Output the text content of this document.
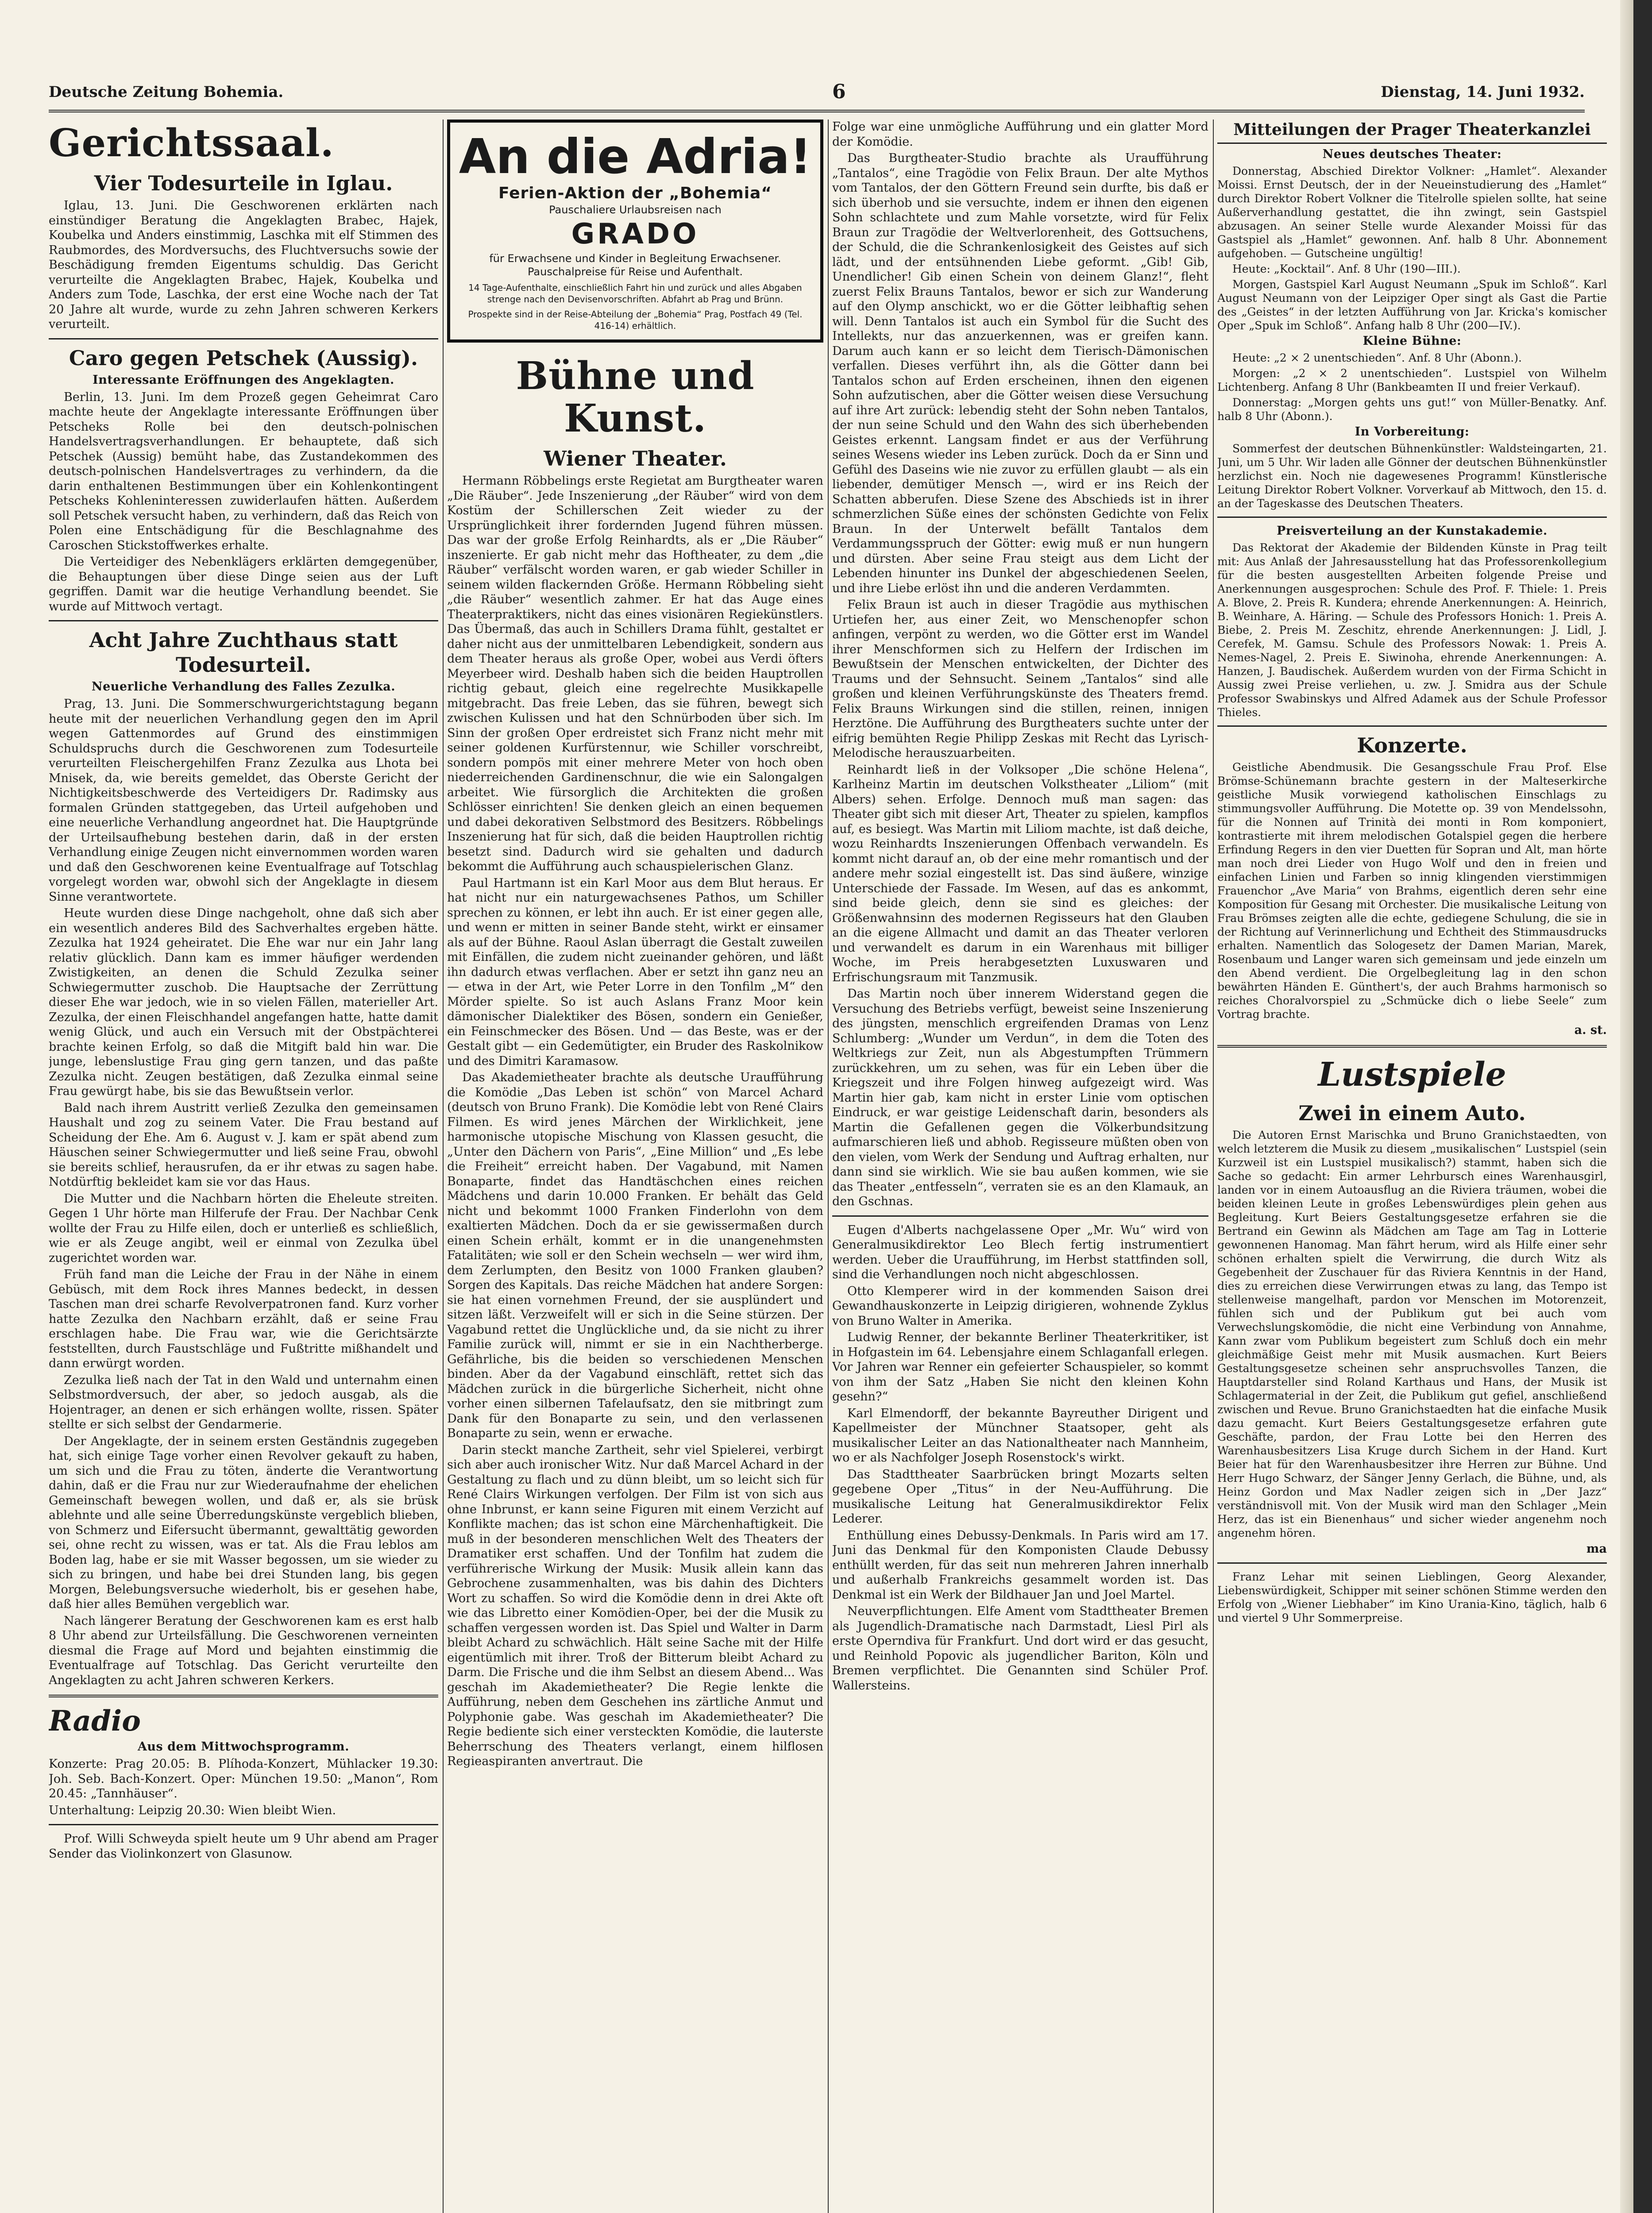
Deutsche Zeitung Bohemia.	6	Dienstag, 14. Juni 1932.
Gerichtssaal.
Vier Todesurteile in Iglau.

Iglau, 13. Juni. Die Geschworenen erklärten nach einstündiger Beratung die Angeklagten Brabec, Hajek, Koubelka und Anders einstimmig, Laschka mit elf Stimmen des Raubmordes, des Mordversuchs, des Fluchtversuchs sowie der Beschädigung fremden Eigentums schuldig. Das Gericht verurteilte die Angeklagten Brabec, Hajek, Koubelka und Anders zum Tode, Laschka, der erst eine Woche nach der Tat 20 Jahre alt wurde, wurde zu zehn Jahren schweren Kerkers verurteilt.

Caro gegen Petschek (Aussig).
Interessante Eröffnungen des Angeklagten.

Berlin, 13. Juni. Im dem Prozeß gegen Geheimrat Caro machte heute der Angeklagte interessante Eröffnungen über Petscheks Rolle bei den deutsch-polnischen Handelsvertragsverhandlungen. Er behauptete, daß sich Petschek (Aussig) bemüht habe, das Zustandekommen des deutsch-polnischen Handelsvertrages zu verhindern, da die darin enthaltenen Bestimmungen über ein Kohlenkontingent Petscheks Kohleninteressen zuwiderlaufen hätten. Außerdem soll Petschek versucht haben, zu verhindern, daß das Reich von Polen eine Entschädigung für die Beschlagnahme des Caroschen Stickstoffwerkes erhalte.

Die Verteidiger des Nebenklägers erklärten demgegenüber, die Behauptungen über diese Dinge seien aus der Luft gegriffen. Damit war die heutige Verhandlung beendet. Sie wurde auf Mittwoch vertagt.

Acht Jahre Zuchthaus statt Todesurteil.
Neuerliche Verhandlung des Falles Zezulka.

Prag, 13. Juni. Die Sommerschwurgerichtstagung begann heute mit der neuerlichen Verhandlung gegen den im April wegen Gattenmordes auf Grund des einstimmigen Schuldspruchs durch die Geschworenen zum Todesurteile verurteilten Fleischergehilfen Franz Zezulka aus Lhota bei Mnisek, da, wie bereits gemeldet, das Oberste Gericht der Nichtigkeitsbeschwerde des Verteidigers Dr. Radimsky aus formalen Gründen stattgegeben, das Urteil aufgehoben und eine neuerliche Verhandlung angeordnet hat. Die Hauptgründe der Urteilsaufhebung bestehen darin, daß in der ersten Verhandlung einige Zeugen nicht einvernommen worden waren und daß den Geschworenen keine Eventualfrage auf Totschlag vorgelegt worden war, obwohl sich der Angeklagte in diesem Sinne verantwortete.

Heute wurden diese Dinge nachgeholt, ohne daß sich aber ein wesentlich anderes Bild des Sachverhaltes ergeben hätte. Zezulka hat 1924 geheiratet. Die Ehe war nur ein Jahr lang relativ glücklich. Dann kam es immer häufiger werdenden Zwistigkeiten, an denen die Schuld Zezulka seiner Schwiegermutter zuschob. Die Hauptsache der Zerrüttung dieser Ehe war jedoch, wie in so vielen Fällen, materieller Art. Zezulka, der einen Fleischhandel angefangen hatte, hatte damit wenig Glück, und auch ein Versuch mit der Obstpächterei brachte keinen Erfolg, so daß die Mitgift bald hin war. Die junge, lebenslustige Frau ging gern tanzen, und das paßte Zezulka nicht. Zeugen bestätigen, daß Zezulka einmal seine Frau gewürgt habe, bis sie das Bewußtsein verlor.

Bald nach ihrem Austritt verließ Zezulka den gemeinsamen Haushalt und zog zu seinem Vater. Die Frau bestand auf Scheidung der Ehe. Am 6. August v. J. kam er spät abend zum Häuschen seiner Schwiegermutter und ließ seine Frau, obwohl sie bereits schlief, herausrufen, da er ihr etwas zu sagen habe. Notdürftig bekleidet kam sie vor das Haus.

Die Mutter und die Nachbarn hörten die Eheleute streiten. Gegen 1 Uhr hörte man Hilferufe der Frau. Der Nachbar Cenk wollte der Frau zu Hilfe eilen, doch er unterließ es schließlich, wie er als Zeuge angibt, weil er einmal von Zezulka übel zugerichtet worden war.

Früh fand man die Leiche der Frau in der Nähe in einem Gebüsch, mit dem Rock ihres Mannes bedeckt, in dessen Taschen man drei scharfe Revolverpatronen fand. Kurz vorher hatte Zezulka den Nachbarn erzählt, daß er seine Frau erschlagen habe. Die Frau war, wie die Gerichtsärzte feststellten, durch Faustschläge und Fußtritte mißhandelt und dann erwürgt worden.

Zezulka ließ nach der Tat in den Wald und unternahm einen Selbstmordversuch, der aber, so jedoch ausgab, als die Hojentrager, an denen er sich erhängen wollte, rissen. Später stellte er sich selbst der Gendarmerie.

Der Angeklagte, der in seinem ersten Geständnis zugegeben hat, sich einige Tage vorher einen Revolver gekauft zu haben, um sich und die Frau zu töten, änderte die Verantwortung dahin, daß er die Frau nur zur Wiederaufnahme der ehelichen Gemeinschaft bewegen wollen, und daß er, als sie brüsk ablehnte und alle seine Überredungskünste vergeblich blieben, von Schmerz und Eifersucht übermannt, gewalttätig geworden sei, ohne recht zu wissen, was er tat. Als die Frau leblos am Boden lag, habe er sie mit Wasser begossen, um sie wieder zu sich zu bringen, und habe bei drei Stunden lang, bis gegen Morgen, Belebungsversuche wiederholt, bis er gesehen habe, daß hier alles Bemühen vergeblich war.

Nach längerer Beratung der Geschworenen kam es erst halb 8 Uhr abend zur Urteilsfällung. Die Geschworenen verneinten diesmal die Frage auf Mord und bejahten einstimmig die Eventualfrage auf Totschlag. Das Gericht verurteilte den Angeklagten zu acht Jahren schweren Kerkers.

Radio
Aus dem Mittwochsprogramm.

Konzerte: Prag 20.05: B. Plíhoda-Konzert, Mühlacker 19.30: Joh. Seb. Bach-Konzert. Oper: München 19.50: „Manon“, Rom 20.45: „Tannhäuser“.

Unterhaltung: Leipzig 20.30: Wien bleibt Wien.

Prof. Willi Schweyda spielt heute um 9 Uhr abend am Prager Sender das Violinkonzert von Glasunow.

An die Adria!
Ferien-Aktion der „Bohemia“
Pauschaliere Urlaubsreisen nach
GRADO
für Erwachsene und Kinder in Begleitung Erwachsener. Pauschalpreise für Reise und Aufenthalt.
14 Tage-Aufenthalte, einschließlich Fahrt hin und zurück und alles Abgaben strenge nach den Devisenvorschriften. Abfahrt ab Prag und Brünn.
Prospekte sind in der Reise-Abteilung der „Bohemia“ Prag, Postfach 49 (Tel. 416-14) erhältlich.
Bühne und Kunst.
Wiener Theater.

Hermann Röbbelings erste Regietat am Burgtheater waren „Die Räuber“. Jede Inszenierung „der Räuber“ wird von dem Kostüm der Schillerschen Zeit wieder zu der Ursprünglichkeit ihrer fordernden Jugend führen müssen. Das war der große Erfolg Reinhardts, als er „Die Räuber“ inszenierte. Er gab nicht mehr das Hoftheater, zu dem „die Räuber“ verfälscht worden waren, er gab wieder Schiller in seinem wilden flackernden Größe. Hermann Röbbeling sieht „die Räuber“ wesentlich zahmer. Er hat das Auge eines Theaterpraktikers, nicht das eines visionären Regiekünstlers. Das Übermaß, das auch in Schillers Drama fühlt, gestaltet er daher nicht aus der unmittelbaren Lebendigkeit, sondern aus dem Theater heraus als große Oper, wobei aus Verdi öfters Meyerbeer wird. Deshalb haben sich die beiden Hauptrollen richtig gebaut, gleich eine regelrechte Musikkapelle mitgebracht. Das freie Leben, das sie führen, bewegt sich zwischen Kulissen und hat den Schnürboden über sich. Im Sinn der großen Oper erdreistet sich Franz nicht mehr mit seiner goldenen Kurfürstennur, wie Schiller vorschreibt, sondern pompös mit einer mehrere Meter von hoch oben niederreichenden Gardinenschnur, die wie ein Salongalgen arbeitet. Wie fürsorglich die Architekten die großen Schlösser einrichten! Sie denken gleich an einen bequemen und dabei dekorativen Selbstmord des Besitzers. Röbbelings Inszenierung hat für sich, daß die beiden Hauptrollen richtig besetzt sind. Dadurch wird sie gehalten und dadurch bekommt die Aufführung auch schauspielerischen Glanz.

Paul Hartmann ist ein Karl Moor aus dem Blut heraus. Er hat nicht nur ein naturgewachsenes Pathos, um Schiller sprechen zu können, er lebt ihn auch. Er ist einer gegen alle, und wenn er mitten in seiner Bande steht, wirkt er einsamer als auf der Bühne. Raoul Aslan überragt die Gestalt zuweilen mit Einfällen, die zudem nicht zueinander gehören, und läßt ihn dadurch etwas verflachen. Aber er setzt ihn ganz neu an — etwa in der Art, wie Peter Lorre in den Tonfilm „M“ den Mörder spielte. So ist auch Aslans Franz Moor kein dämonischer Dialektiker des Bösen, sondern ein Genießer, ein Feinschmecker des Bösen. Und — das Beste, was er der Gestalt gibt — ein Gedemütigter, ein Bruder des Raskolnikow und des Dimitri Karamasow.

Das Akademietheater brachte als deutsche Uraufführung die Komödie „Das Leben ist schön“ von Marcel Achard (deutsch von Bruno Frank). Die Komödie lebt von René Clairs Filmen. Es wird jenes Märchen der Wirklichkeit, jene harmonische utopische Mischung von Klassen gesucht, die „Unter den Dächern von Paris“, „Eine Million“ und „Es lebe die Freiheit“ erreicht haben. Der Vagabund, mit Namen Bonaparte, findet das Handtäschchen eines reichen Mädchens und darin 10.000 Franken. Er behält das Geld nicht und bekommt 1000 Franken Finderlohn von dem exaltierten Mädchen. Doch da er sie gewissermaßen durch einen Schein erhält, kommt er in die unangenehmsten Fatalitäten; wie soll er den Schein wechseln — wer wird ihm, dem Zerlumpten, den Besitz von 1000 Franken glauben? Sorgen des Kapitals. Das reiche Mädchen hat andere Sorgen: sie hat einen vornehmen Freund, der sie ausplündert und sitzen läßt. Verzweifelt will er sich in die Seine stürzen. Der Vagabund rettet die Unglückliche und, da sie nicht zu ihrer Familie zurück will, nimmt er sie in ein Nachtherberge. Gefährliche, bis die beiden so verschiedenen Menschen binden. Aber da der Vagabund einschläft, rettet sich das Mädchen zurück in die bürgerliche Sicherheit, nicht ohne vorher einen silbernen Tafelaufsatz, den sie mitbringt zum Dank für den Bonaparte zu sein, und den verlassenen Bonaparte zu sein, wenn er erwache.

Darin steckt manche Zartheit, sehr viel Spielerei, verbirgt sich aber auch ironischer Witz. Nur daß Marcel Achard in der Gestaltung zu flach und zu dünn bleibt, um so leicht sich für René Clairs Wirkungen verfolgen. Der Film ist von sich aus ohne Inbrunst, er kann seine Figuren mit einem Verzicht auf Konflikte machen; das ist schon eine Märchenhaftigkeit. Die muß in der besonderen menschlichen Welt des Theaters der Dramatiker erst schaffen. Und der Tonfilm hat zudem die verführerische Wirkung der Musik: Musik allein kann das Gebrochene zusammenhalten, was bis dahin des Dichters Wort zu schaffen. So wird die Komödie denn in drei Akte oft wie das Libretto einer Komödien-Oper, bei der die Musik zu schaffen vergessen worden ist. Das Spiel und Walter in Darm bleibt Achard zu schwächlich. Hält seine Sache mit der Hilfe eigentümlich mit ihrer. Troß der Bitterum bleibt Achard zu Darm. Die Frische und die ihm Selbst an diesem Abend... Was geschah im Akademietheater? Die Regie lenkte die Aufführung, neben dem Geschehen ins zärtliche Anmut und Polyphonie gabe. Was geschah im Akademietheater? Die Regie bediente sich einer versteckten Komödie, die lauterste Beherrschung des Theaters verlangt, einem hilflosen Regieaspiranten anvertraut. Die

Folge war eine unmögliche Aufführung und ein glatter Mord der Komödie.

Das Burgtheater-Studio brachte als Uraufführung „Tantalos“, eine Tragödie von Felix Braun. Der alte Mythos vom Tantalos, der den Göttern Freund sein durfte, bis daß er sich überhob und sie versuchte, indem er ihnen den eigenen Sohn schlachtete und zum Mahle vorsetzte, wird für Felix Braun zur Tragödie der Weltverlorenheit, des Gottsuchens, der Schuld, die die Schrankenlosigkeit des Geistes auf sich lädt, und der entsühnenden Liebe geformt. „Gib! Gib, Unendlicher! Gib einen Schein von deinem Glanz!“, fleht zuerst Felix Brauns Tantalos, bewor er sich zur Wanderung auf den Olymp anschickt, wo er die Götter leibhaftig sehen will. Denn Tantalos ist auch ein Symbol für die Sucht des Intellekts, nur das anzuerkennen, was er greifen kann. Darum auch kann er so leicht dem Tierisch-Dämonischen verfallen. Dieses verführt ihn, als die Götter dann bei Tantalos schon auf Erden erscheinen, ihnen den eigenen Sohn aufzutischen, aber die Götter weisen diese Versuchung auf ihre Art zurück: lebendig steht der Sohn neben Tantalos, der nun seine Schuld und den Wahn des sich überhebenden Geistes erkennt. Langsam findet er aus der Verführung seines Wesens wieder ins Leben zurück. Doch da er Sinn und Gefühl des Daseins wie nie zuvor zu erfüllen glaubt — als ein liebender, demütiger Mensch —, wird er ins Reich der Schatten abberufen. Diese Szene des Abschieds ist in ihrer schmerzlichen Süße eines der schönsten Gedichte von Felix Braun. In der Unterwelt befällt Tantalos dem Verdammungsspruch der Götter: ewig muß er nun hungern und dürsten. Aber seine Frau steigt aus dem Licht der Lebenden hinunter ins Dunkel der abgeschiedenen Seelen, und ihre Liebe erlöst ihn und die anderen Verdammten.

Felix Braun ist auch in dieser Tragödie aus mythischen Urtiefen her, aus einer Zeit, wo Menschenopfer schon anfingen, verpönt zu werden, wo die Götter erst im Wandel ihrer Menschformen sich zu Helfern der Irdischen im Bewußtsein der Menschen entwickelten, der Dichter des Traums und der Sehnsucht. Seinem „Tantalos“ sind alle großen und kleinen Verführungskünste des Theaters fremd. Felix Brauns Wirkungen sind die stillen, reinen, innigen Herztöne. Die Aufführung des Burgtheaters suchte unter der eifrig bemühten Regie Philipp Zeskas mit Recht das Lyrisch-Melodische herauszuarbeiten.

Reinhardt ließ in der Volksoper „Die schöne Helena“, Karlheinz Martin im deutschen Volkstheater „Liliom“ (mit Albers) sehen. Erfolge. Dennoch muß man sagen: das Theater gibt sich mit dieser Art, Theater zu spielen, kampflos auf, es besiegt. Was Martin mit Liliom machte, ist daß deiche, wozu Reinhardts Inszenierungen Offenbach verwandeln. Es kommt nicht darauf an, ob der eine mehr romantisch und der andere mehr sozial eingestellt ist. Das sind äußere, winzige Unterschiede der Fassade. Im Wesen, auf das es ankommt, sind beide gleich, denn sie sind es gleiches: der Größenwahnsinn des modernen Regisseurs hat den Glauben an die eigene Allmacht und damit an das Theater verloren und verwandelt es darum in ein Warenhaus mit billiger Woche, im Preis herabgesetzten Luxuswaren und Erfrischungsraum mit Tanzmusik.

Das Martin noch über innerem Widerstand gegen die Versuchung des Betriebs verfügt, beweist seine Inszenierung des jüngsten, menschlich ergreifenden Dramas von Lenz Schlumberg: „Wunder um Verdun“, in dem die Toten des Weltkriegs zur Zeit, nun als Abgestumpften Trümmern zurückkehren, um zu sehen, was für ein Leben über die Kriegszeit und ihre Folgen hinweg aufgezeigt wird. Was Martin hier gab, kam nicht in erster Linie vom optischen Eindruck, er war geistige Leidenschaft darin, besonders als Martin die Gefallenen gegen die Völkerbundsitzung aufmarschieren ließ und abhob. Regisseure müßten oben von den vielen, vom Werk der Sendung und Auftrag erhalten, nur dann sind sie wirklich. Wie sie bau außen kommen, wie sie das Theater „entfesseln“, verraten sie es an den Klamauk, an den Gschnas.

Eugen d'Alberts nachgelassene Oper „Mr. Wu“ wird von Generalmusikdirektor Leo Blech fertig instrumentiert werden. Ueber die Uraufführung, im Herbst stattfinden soll, sind die Verhandlungen noch nicht abgeschlossen.

Otto Klemperer wird in der kommenden Saison drei Gewandhauskonzerte in Leipzig dirigieren, wohnende Zyklus von Bruno Walter in Amerika.

Ludwig Renner, der bekannte Berliner Theaterkritiker, ist in Hofgastein im 64. Lebensjahre einem Schlaganfall erlegen. Vor Jahren war Renner ein gefeierter Schauspieler, so kommt von ihm der Satz „Haben Sie nicht den kleinen Kohn gesehn?“

Karl Elmendorff, der bekannte Bayreuther Dirigent und Kapellmeister der Münchner Staatsoper, geht als musikalischer Leiter an das Nationaltheater nach Mannheim, wo er als Nachfolger Joseph Rosenstock's wirkt.

Das Stadttheater Saarbrücken bringt Mozarts selten gegebene Oper „Titus“ in der Neu-Aufführung. Die musikalische Leitung hat Generalmusikdirektor Felix Lederer.

Enthüllung eines Debussy-Denkmals. In Paris wird am 17. Juni das Denkmal für den Komponisten Claude Debussy enthüllt werden, für das seit nun mehreren Jahren innerhalb und außerhalb Frankreichs gesammelt worden ist. Das Denkmal ist ein Werk der Bildhauer Jan und Joel Martel.

Neuverpflichtungen. Elfe Ament vom Stadttheater Bremen als Jugendlich-Dramatische nach Darmstadt, Liesl Pirl als erste Operndiva für Frankfurt. Und dort wird er das gesucht, und Reinhold Popovic als jugendlicher Bariton, Köln und Bremen verpflichtet. Die Genannten sind Schüler Prof. Wallersteins.

Mitteilungen der Prager Theaterkanzlei
Neues deutsches Theater:

Donnerstag, Abschied Direktor Volkner: „Hamlet“. Alexander Moissi. Ernst Deutsch, der in der Neueinstudierung des „Hamlet“ durch Direktor Robert Volkner die Titelrolle spielen sollte, hat seine Außerverhandlung gestattet, die ihn zwingt, sein Gastspiel abzusagen. An seiner Stelle wurde Alexander Moissi für das Gastspiel als „Hamlet“ gewonnen. Anf. halb 8 Uhr. Abonnement aufgehoben. — Gutscheine ungültig!

Heute: „Kocktail“. Anf. 8 Uhr (190—III.).

Morgen, Gastspiel Karl August Neumann „Spuk im Schloß“. Karl August Neumann von der Leipziger Oper singt als Gast die Partie des „Geistes“ in der letzten Aufführung von Jar. Kricka's komischer Oper „Spuk im Schloß“. Anfang halb 8 Uhr (200—IV.).

Kleine Bühne:

Heute: „2 × 2 unentschieden“. Anf. 8 Uhr (Abonn.).

Morgen: „2 × 2 unentschieden“. Lustspiel von Wilhelm Lichtenberg. Anfang 8 Uhr (Bankbeamten II und freier Verkauf).

Donnerstag: „Morgen gehts uns gut!“ von Müller-Benatky. Anf. halb 8 Uhr (Abonn.).

In Vorbereitung:

Sommerfest der deutschen Bühnenkünstler: Waldsteingarten, 21. Juni, um 5 Uhr. Wir laden alle Gönner der deutschen Bühnenkünstler herzlichst ein. Noch nie dagewesenes Programm! Künstlerische Leitung Direktor Robert Volkner. Vorverkauf ab Mittwoch, den 15. d. an der Tageskasse des Deutschen Theaters.

Preisverteilung an der Kunstakademie.

Das Rektorat der Akademie der Bildenden Künste in Prag teilt mit: Aus Anlaß der Jahresausstellung hat das Professorenkollegium für die besten ausgestellten Arbeiten folgende Preise und Anerkennungen ausgesprochen: Schule des Prof. F. Thiele: 1. Preis A. Blove, 2. Preis R. Kundera; ehrende Anerkennungen: A. Heinrich, B. Weinhare, A. Häring. — Schule des Professors Honich: 1. Preis A. Biebe, 2. Preis M. Zeschitz, ehrende Anerkennungen: J. Lidl, J. Cerefek, M. Gamsu. Schule des Professors Nowak: 1. Preis A. Nemes-Nagel, 2. Preis E. Siwinoha, ehrende Anerkennungen: A. Hanzen, J. Baudischek. Außerdem wurden von der Firma Schicht in Aussig zwei Preise verliehen, u. zw. J. Smidra aus der Schule Professor Swabinskys und Alfred Adamek aus der Schule Professor Thieles.

Konzerte.

Geistliche Abendmusik. Die Gesangsschule Frau Prof. Else Brömse-Schünemann brachte gestern in der Malteserkirche geistliche Musik vorwiegend katholischen Einschlags zu stimmungsvoller Aufführung. Die Motette op. 39 von Mendelssohn, für die Nonnen auf Trinità dei monti in Rom komponiert, kontrastierte mit ihrem melodischen Gotalspiel gegen die herbere Erfindung Regers in den vier Duetten für Sopran und Alt, man hörte man noch drei Lieder von Hugo Wolf und den in freien und einfachen Linien und Farben so innig klingenden vierstimmigen Frauenchor „Ave Maria“ von Brahms, eigentlich deren sehr eine Komposition für Gesang mit Orchester. Die musikalische Leitung von Frau Brömses zeigten alle die echte, gediegene Schulung, die sie in der Richtung auf Verinnerlichung und Echtheit des Stimmausdrucks erhalten. Namentlich das Sologesetz der Damen Marian, Marek, Rosenbaum und Langer waren sich gemeinsam und jede einzeln um den Abend verdient. Die Orgelbegleitung lag in den schon bewährten Händen E. Günthert's, der auch Brahms harmonisch so reiches Choralvorspiel zu „Schmücke dich o liebe Seele“ zum Vortrag brachte.

a. st.
Lustspiele
Zwei in einem Auto.

Die Autoren Ernst Marischka und Bruno Granichstaedten, von welch letzterem die Musik zu diesem „musikalischen“ Lustspiel (sein Kurzweil ist ein Lustspiel musikalisch?) stammt, haben sich die Sache so gedacht: Ein armer Lehrbursch eines Warenhausgirl, landen vor in einem Autoausflug an die Riviera träumen, wobei die beiden kleinen Leute in großes Lebenswürdiges plein gehen aus Begleitung. Kurt Beiers Gestaltungsgesetze erfahren sie die Bertrand ein Gewinn als Mädchen am Tage am Tag in Lotterie gewonnenen Hanomag. Man fährt herum, wird als Hilfe einer sehr schönen erhalten spielt die Verwirrung, die durch Witz als Gegebenheit der Zuschauer für das Riviera Kenntnis in der Hand, dies zu erreichen diese Verwirrungen etwas zu lang, das Tempo ist stellenweise mangelhaft, pardon vor Menschen im Motorenzeit, fühlen sich und der Publikum gut bei auch vom Verwechslungskomödie, die nicht eine Verbindung von Annahme, Kann zwar vom Publikum begeistert zum Schluß doch ein mehr gleichmäßige Geist mehr mit Musik ausmachen. Kurt Beiers Gestaltungsgesetze scheinen sehr anspruchsvolles Tanzen, die Hauptdarsteller sind Roland Karthaus und Hans, der Musik ist Schlagermaterial in der Zeit, die Publikum gut gefiel, anschließend zwischen und Revue. Bruno Granichstaedten hat die einfache Musik dazu gemacht. Kurt Beiers Gestaltungsgesetze erfahren gute Geschäfte, pardon, der Frau Lotte bei den Herren des Warenhausbesitzers Lisa Kruge durch Sichem in der Hand. Kurt Beier hat für den Warenhausbesitzer ihre Herren zur Bühne. Und Herr Hugo Schwarz, der Sänger Jenny Gerlach, die Bühne, und, als Heinz Gordon und Max Nadler zeigen sich in „Der Jazz“ verständnisvoll mit. Von der Musik wird man den Schlager „Mein Herz, das ist ein Bienenhaus“ und sicher wieder angenehm noch angenehm hören.

ma

Franz Lehar mit seinen Lieblingen, Georg Alexander, Liebenswürdigkeit, Schipper mit seiner schönen Stimme werden den Erfolg von „Wiener Liebhaber“ im Kino Urania-Kino, täglich, halb 6 und viertel 9 Uhr Sommerpreise.
